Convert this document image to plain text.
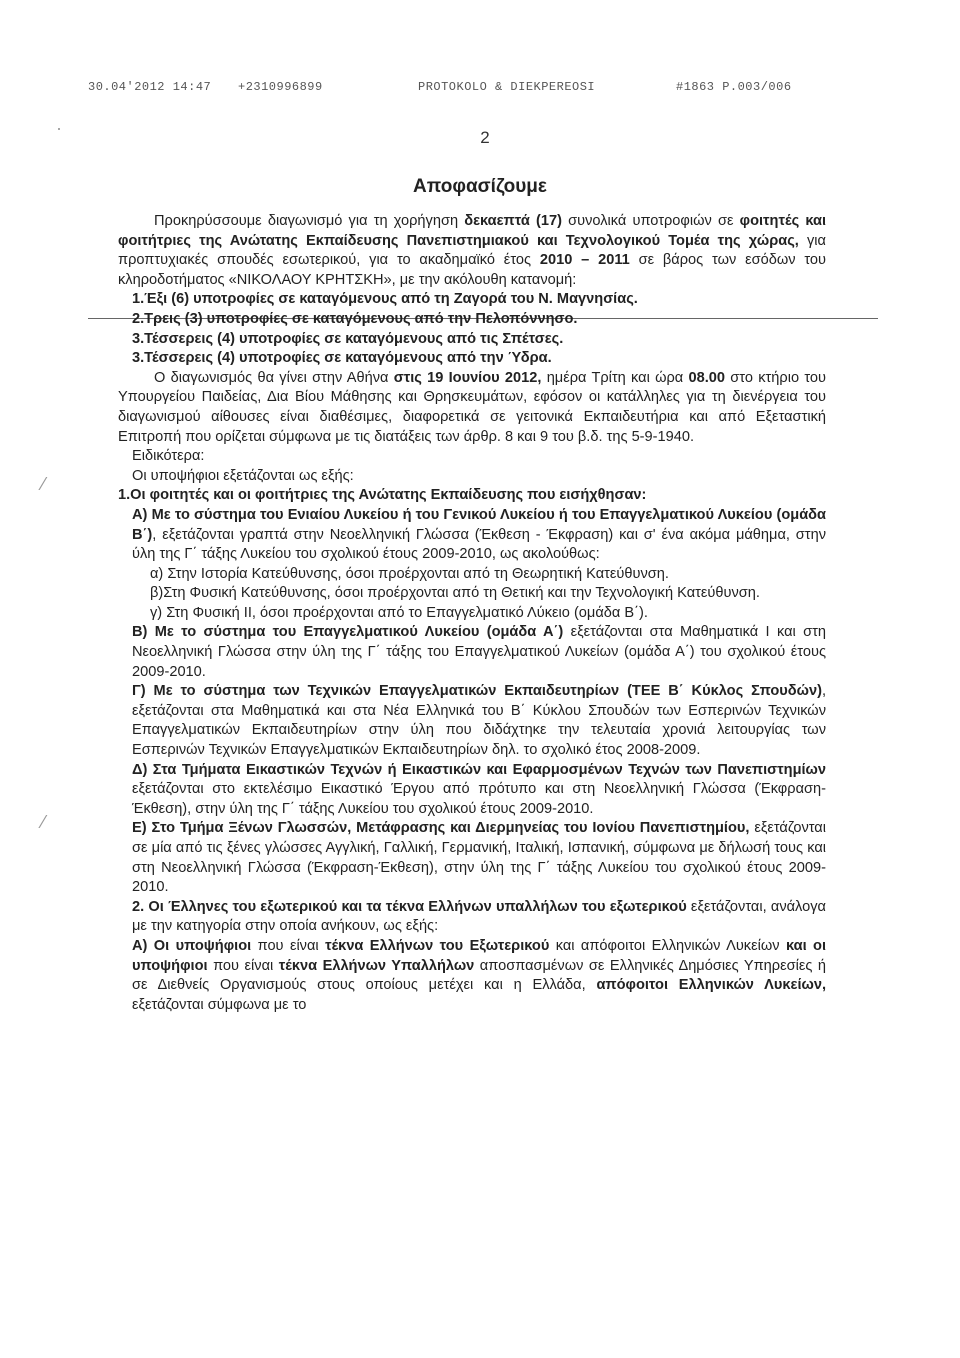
30.04'2012 14:47 +2310996899	PROTOKOLO & DIEKPEREOSI	#1863 P.003/006
·	2
Αποφασίζουμε

Προκηρύσσουμε διαγωνισμό για τη χορήγηση δεκαεπτά (17) συνολικά υποτροφιών σε φοιτητές και φοιτήτριες της Ανώτατης Εκπαίδευσης Πανεπιστημιακού και Τεχνολογικού Τομέα της χώρας, για προπτυχιακές σπουδές εσωτερικού, για το ακαδημαϊκό έτος 2010 – 2011 σε βάρος των εσόδων του κληροδοτήματος «ΝΙΚΟΛΑΟΥ ΚΡΗΤΣΚΗ», με την ακόλουθη κατανομή:

1.Έξι (6) υποτροφίες σε καταγόμενους από τη Ζαγορά του Ν. Μαγνησίας.

2.Τρεις (3) υποτροφίες σε καταγόμενους από την Πελοπόννησο.

3.Τέσσερεις (4) υποτροφίες σε καταγόμενους από τις Σπέτσες.

3.Τέσσερεις (4) υποτροφίες σε καταγόμενους από την Ύδρα.

Ο διαγωνισμός θα γίνει στην Αθήνα στις 19 Ιουνίου 2012, ημέρα Τρίτη και ώρα 08.00 στο κτήριο του Υπουργείου Παιδείας, Δια Βίου Μάθησης και Θρησκευμάτων, εφόσον οι κατάλληλες για τη διενέργεια του διαγωνισμού αίθουσες είναι διαθέσιμες, διαφορετικά σε γειτονικά Εκπαιδευτήρια και από Εξεταστική Επιτροπή που ορίζεται σύμφωνα με τις διατάξεις των άρθρ. 8 και 9 του β.δ. της 5-9-1940.

Ειδικότερα:

Οι υποψήφιοι εξετάζονται ως εξής:

1.Οι φοιτητές και οι φοιτήτριες της Ανώτατης Εκπαίδευσης που εισήχθησαν:

Α) Με το σύστημα του Ενιαίου Λυκείου ή του Γενικού Λυκείου ή του Επαγγελματικού Λυκείου (ομάδα Β΄), εξετάζονται γραπτά στην Νεοελληνική Γλώσσα (Έκθεση - Έκφραση) και σ' ένα ακόμα μάθημα, στην ύλη της Γ΄ τάξης Λυκείου του σχολικού έτους 2009-2010, ως ακολούθως:

α) Στην Ιστορία Κατεύθυνσης, όσοι προέρχονται από τη Θεωρητική Κατεύθυνση.

β)Στη Φυσική Κατεύθυνσης, όσοι προέρχονται από τη Θετική και την Τεχνολογική Κατεύθυνση.

γ) Στη Φυσική ΙΙ, όσοι προέρχονται από το Επαγγελματικό Λύκειο (ομάδα Β΄).

Β) Με το σύστημα του Επαγγελματικού Λυκείου (ομάδα Α΄) εξετάζονται στα Μαθηματικά Ι και στη Νεοελληνική Γλώσσα στην ύλη της Γ΄ τάξης του Επαγγελματικού Λυκείων (ομάδα Α΄) του σχολικού έτους 2009-2010.

Γ) Με το σύστημα των Τεχνικών Επαγγελματικών Εκπαιδευτηρίων (ΤΕΕ Β΄ Κύκλος Σπουδών), εξετάζονται στα Μαθηματικά και στα Νέα Ελληνικά του Β΄ Κύκλου Σπουδών των Εσπερινών Τεχνικών Επαγγελματικών Εκπαιδευτηρίων στην ύλη που διδάχτηκε την τελευταία χρονιά λειτουργίας των Εσπερινών Τεχνικών Επαγγελματικών Εκπαιδευτηρίων δηλ. το σχολικό έτος 2008-2009.

Δ) Στα Τμήματα Εικαστικών Τεχνών ή Εικαστικών και Εφαρμοσμένων Τεχνών των Πανεπιστημίων εξετάζονται στο εκτελέσιμο Εικαστικό Έργου από πρότυπο και στη Νεοελληνική Γλώσσα (Έκφραση-Έκθεση), στην ύλη της Γ΄ τάξης Λυκείου του σχολικού έτους 2009-2010.

Ε) Στο Τμήμα Ξένων Γλωσσών, Μετάφρασης και Διερμηνείας του Ιονίου Πανεπιστημίου, εξετάζονται σε μία από τις ξένες γλώσσες Αγγλική, Γαλλική, Γερμανική, Ιταλική, Ισπανική, σύμφωνα με δήλωσή τους και στη Νεοελληνική Γλώσσα (Έκφραση-Έκθεση), στην ύλη της Γ΄ τάξης Λυκείου του σχολικού έτους 2009-2010.

2. Οι Έλληνες του εξωτερικού και τα τέκνα Ελλήνων υπαλλήλων του εξωτερικού εξετάζονται, ανάλογα με την κατηγορία στην οποία ανήκουν, ως εξής:

Α) Οι υποψήφιοι που είναι τέκνα Ελλήνων του Εξωτερικού και απόφοιτοι Ελληνικών Λυκείων και οι υποψήφιοι που είναι τέκνα Ελλήνων Υπαλλήλων αποσπασμένων σε Ελληνικές Δημόσιες Υπηρεσίες ή σε Διεθνείς Οργανισμούς στους οποίους μετέχει και η Ελλάδα, απόφοιτοι Ελληνικών Λυκείων, εξετάζονται σύμφωνα με το

⁄
⁄
